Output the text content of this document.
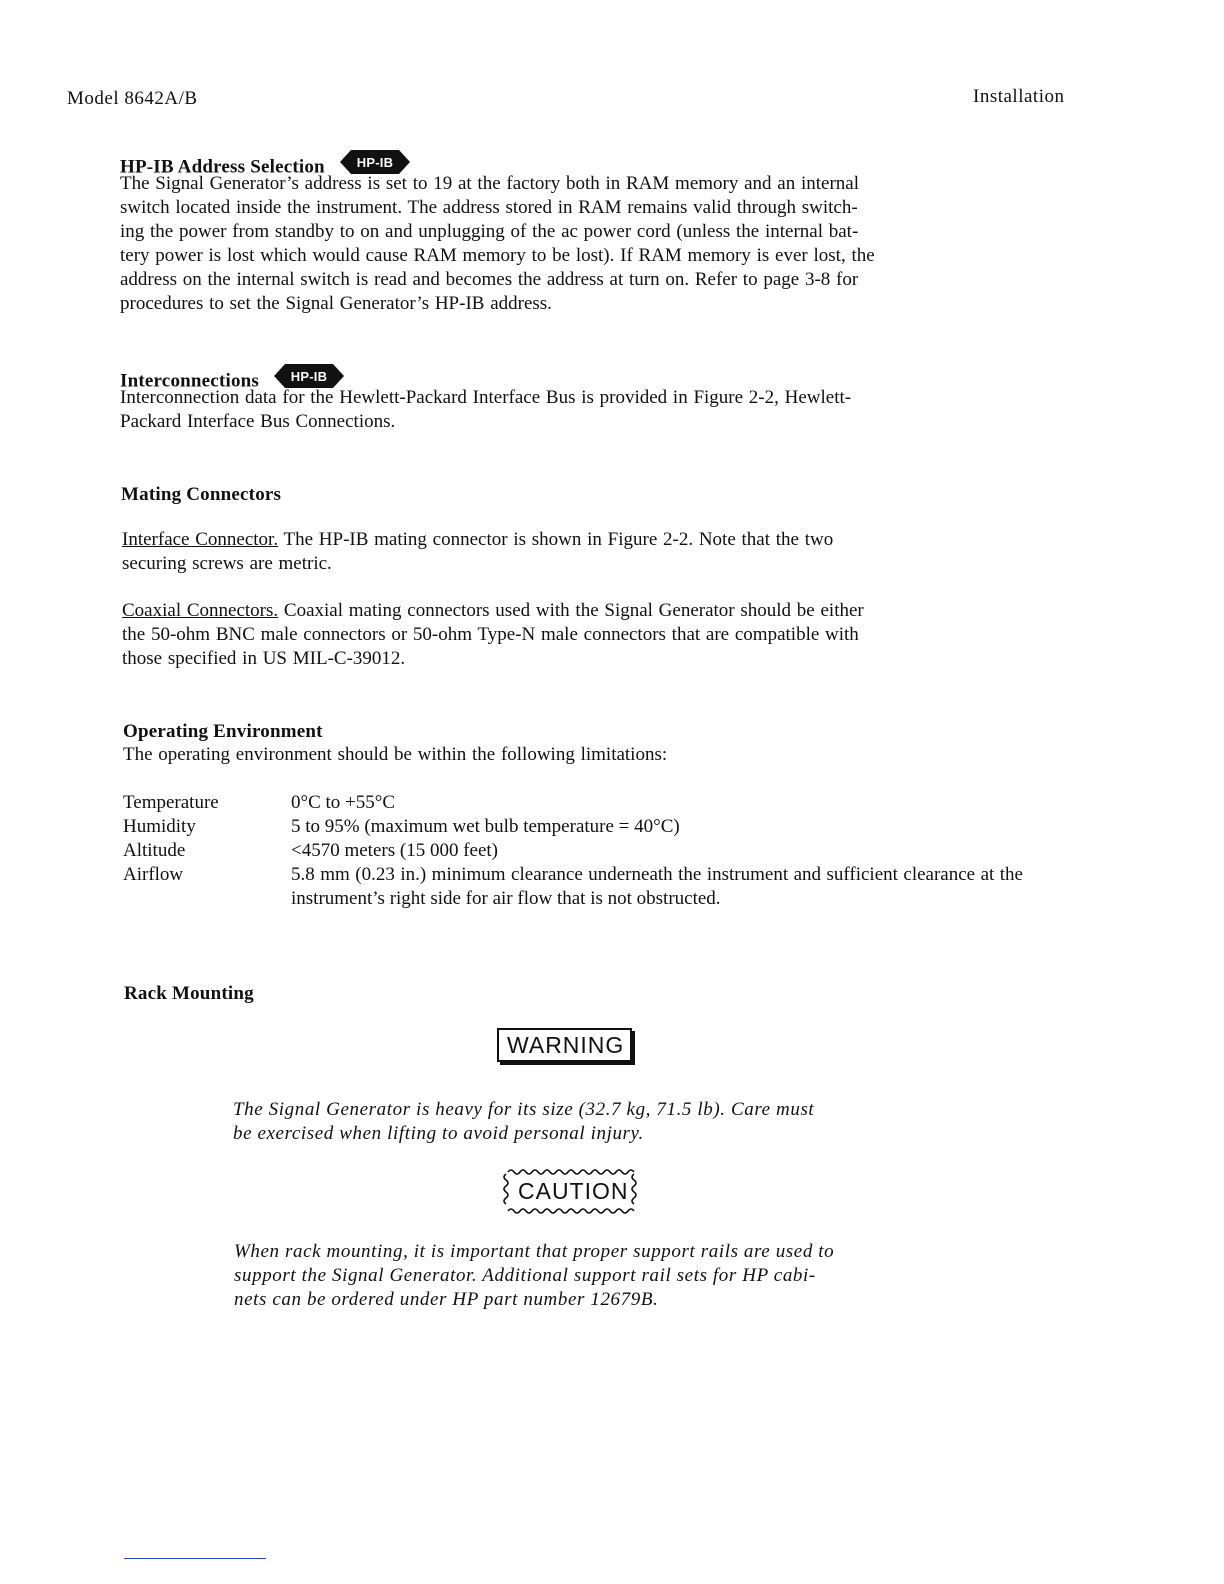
Model 8642A/B	Installation
HP-IB Address Selection HP-IB
The Signal Generator’s address is set to 19 at the factory both in RAM memory and an internal
switch located inside the instrument. The address stored in RAM remains valid through switch-
ing the power from standby to on and unplugging of the ac power cord (unless the internal bat-
tery power is lost which would cause RAM memory to be lost). If RAM memory is ever lost, the
address on the internal switch is read and becomes the address at turn on. Refer to page 3-8 for
procedures to set the Signal Generator’s HP-IB address.
Interconnections HP-IB
Interconnection data for the Hewlett-Packard Interface Bus is provided in Figure 2-2, Hewlett-
Packard Interface Bus Connections.
Mating Connectors
Interface Connector. The HP-IB mating connector is shown in Figure 2-2. Note that the two
securing screws are metric.
Coaxial Connectors. Coaxial mating connectors used with the Signal Generator should be either
the 50-ohm BNC male connectors or 50-ohm Type-N male connectors that are compatible with
those specified in US MIL-C-39012.
Operating Environment
The operating environment should be within the following limitations:
Temperature	0°C to +55°C
Humidity	5 to 95% (maximum wet bulb temperature = 40°C)
Altitude	<4570 meters (15 000 feet)
Airflow	5.8 mm (0.23 in.) minimum clearance underneath the instrument and sufficient clearance at the instrument’s right side for air flow that is not obstructed.
Rack Mounting
WARNING
The Signal Generator is heavy for its size (32.7 kg, 71.5 lb). Care must
be exercised when lifting to avoid personal injury.
CAUTION
When rack mounting, it is important that proper support rails are used to
support the Signal Generator. Additional support rail sets for HP cabi-
nets can be ordered under HP part number 12679B.
